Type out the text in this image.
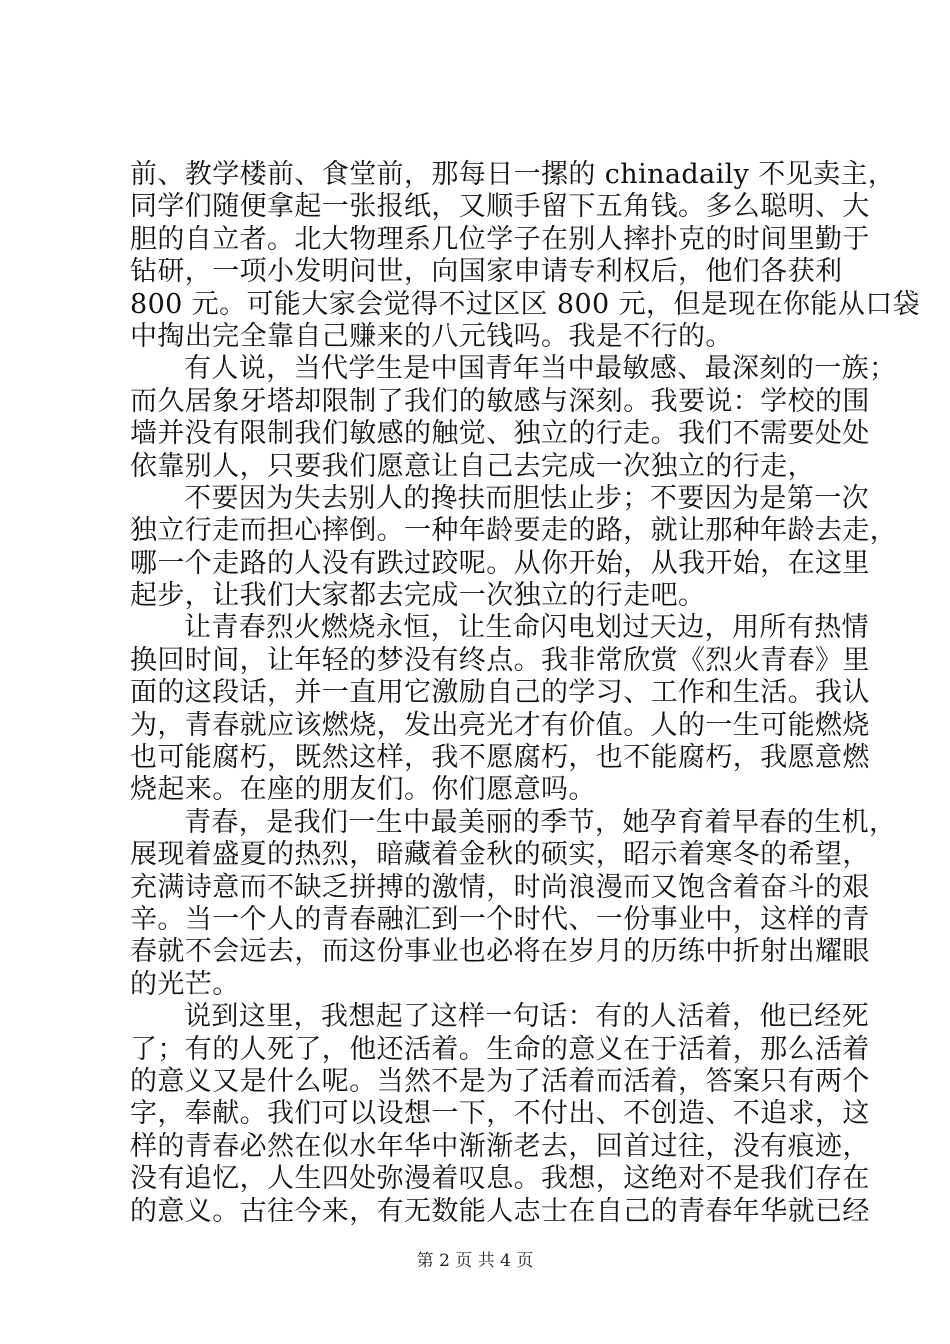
前、教学楼前、食堂前，那每日一摞的 chinadaily 不见卖主，
同学们随便拿起一张报纸，又顺手留下五角钱。多么聪明、大
胆的自立者。北大物理系几位学子在别人摔扑克的时间里勤于
钻研，一项小发明问世，向国家申请专利权后，他们各获利
800 元。可能大家会觉得不过区区 800 元，但是现在你能从口袋
中掏出完全靠自己赚来的八元钱吗。我是不行的。
有人说，当代学生是中国青年当中最敏感、最深刻的一族；
而久居象牙塔却限制了我们的敏感与深刻。我要说：学校的围
墙并没有限制我们敏感的触觉、独立的行走。我们不需要处处
依靠别人，只要我们愿意让自己去完成一次独立的行走，
不要因为失去别人的搀扶而胆怯止步；不要因为是第一次
独立行走而担心摔倒。一种年龄要走的路，就让那种年龄去走，
哪一个走路的人没有跌过跤呢。从你开始，从我开始，在这里
起步，让我们大家都去完成一次独立的行走吧。
让青春烈火燃烧永恒，让生命闪电划过天边，用所有热情
换回时间，让年轻的梦没有终点。我非常欣赏《烈火青春》里
面的这段话，并一直用它激励自己的学习、工作和生活。我认
为，青春就应该燃烧，发出亮光才有价值。人的一生可能燃烧
也可能腐朽，既然这样，我不愿腐朽，也不能腐朽，我愿意燃
烧起来。在座的朋友们。你们愿意吗。
青春，是我们一生中最美丽的季节，她孕育着早春的生机，
展现着盛夏的热烈，暗藏着金秋的硕实，昭示着寒冬的希望，
充满诗意而不缺乏拼搏的激情，时尚浪漫而又饱含着奋斗的艰
辛。当一个人的青春融汇到一个时代、一份事业中，这样的青
春就不会远去，而这份事业也必将在岁月的历练中折射出耀眼
的光芒。
说到这里，我想起了这样一句话：有的人活着，他已经死
了；有的人死了，他还活着。生命的意义在于活着，那么活着
的意义又是什么呢。当然不是为了活着而活着，答案只有两个
字，奉献。我们可以设想一下，不付出、不创造、不追求，这
样的青春必然在似水年华中渐渐老去，回首过往，没有痕迹，
没有追忆，人生四处弥漫着叹息。我想，这绝对不是我们存在
的意义。古往今来，有无数能人志士在自己的青春年华就已经
第 2 页 共 4 页
